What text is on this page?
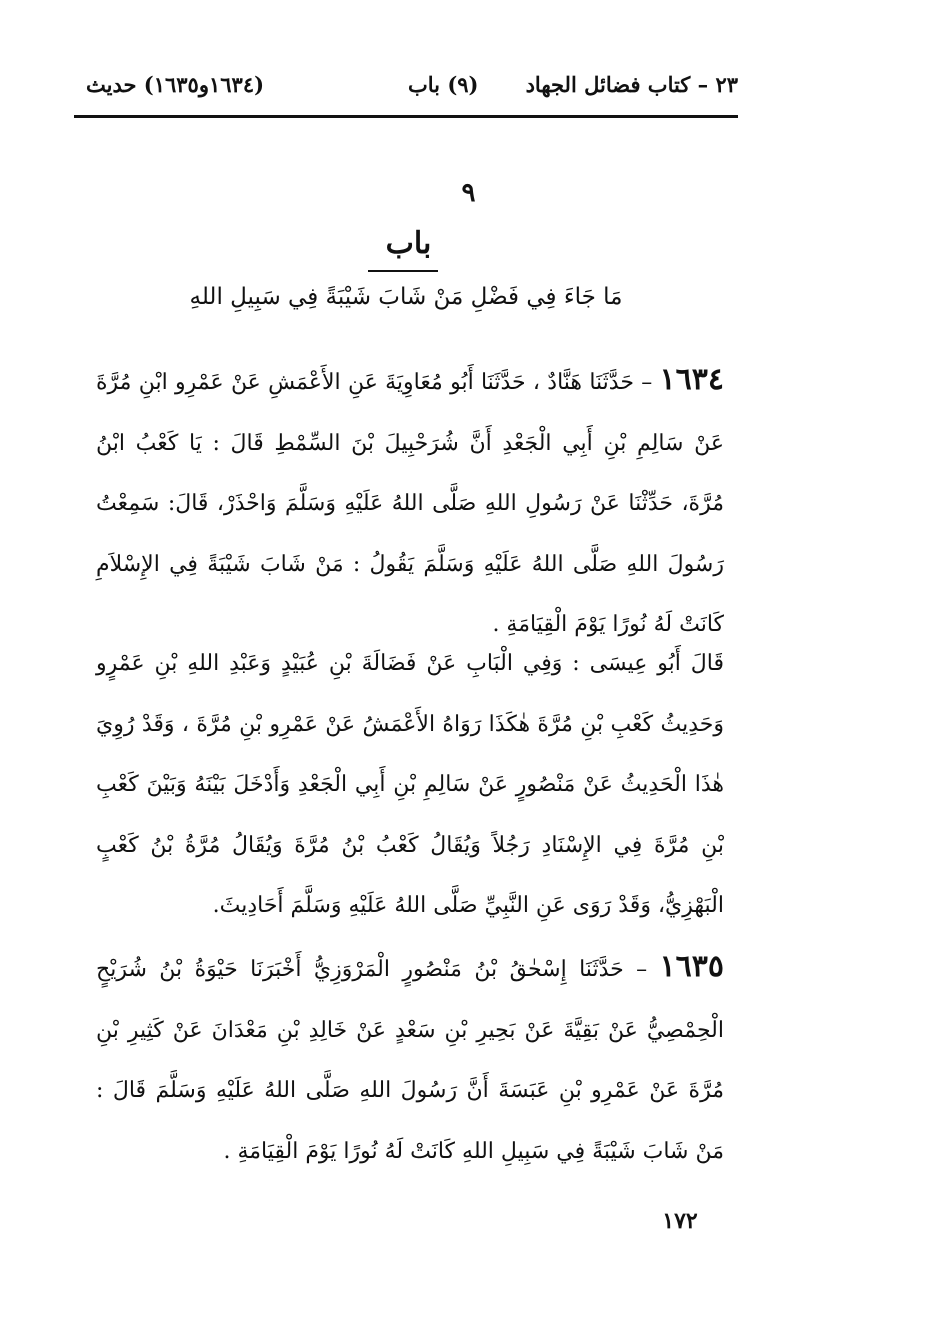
٢٣ – كتاب فضائل الجهاد
(٩) باب
(١٦٣٤و١٦٣٥) حديث
٩
باب
مَا جَاءَ فِي فَضْلِ مَنْ شَابَ شَيْبَةً فِي سَبِيلِ اللهِ
١٦٣٤ – حَدَّثَنَا هَنَّادٌ ، حَدَّثَنَا أَبُو مُعَاوِيَةَ عَنِ الأَعْمَشِ عَنْ عَمْرِو ابْنِ مُرَّةَ عَنْ سَالِمِ بْنِ أَبِي الْجَعْدِ أَنَّ شُرَحْبِيلَ بْنَ السِّمْطِ قَالَ : يَا كَعْبُ ابْنُ مُرَّةَ، حَدِّثْنَا عَنْ رَسُولِ اللهِ صَلَّى اللهُ عَلَيْهِ وَسَلَّمَ وَاحْذَرْ، قَالَ: سَمِعْتُ رَسُولَ اللهِ صَلَّى اللهُ عَلَيْهِ وَسَلَّمَ يَقُولُ : مَنْ شَابَ شَيْبَةً فِي الإِسْلاَمِ كَانَتْ لَهُ نُورًا يَوْمَ الْقِيَامَةِ .
قَالَ أَبُو عِيسَى : وَفِي الْبَابِ عَنْ فَضَالَةَ بْنِ عُبَيْدٍ وَعَبْدِ اللهِ بْنِ عَمْرٍو وَحَدِيثُ كَعْبِ بْنِ مُرَّةَ هٰكَذَا رَوَاهُ الأَعْمَشُ عَنْ عَمْرِو بْنِ مُرَّةَ ، وَقَدْ رُوِيَ هٰذَا الْحَدِيثُ عَنْ مَنْصُورٍ عَنْ سَالِمِ بْنِ أَبِي الْجَعْدِ وَأَدْخَلَ بَيْنَهُ وَبَيْنَ كَعْبِ بْنِ مُرَّةَ فِي الإِسْنَادِ رَجُلاً وَيُقَالُ كَعْبُ بْنُ مُرَّةَ وَيُقَالُ مُرَّةُ بْنُ كَعْبٍ الْبَهْزِيُّ، وَقَدْ رَوَى عَنِ النَّبِيِّ صَلَّى اللهُ عَلَيْهِ وَسَلَّمَ أَحَادِيثَ.
١٦٣٥ – حَدَّثَنَا إِسْحٰقُ بْنُ مَنْصُورٍ الْمَرْوَزِيُّ أَخْبَرَنَا حَيْوَةُ بْنُ شُرَيْحٍ الْحِمْصِيُّ عَنْ بَقِيَّةَ عَنْ بَحِيرِ بْنِ سَعْدٍ عَنْ خَالِدِ بْنِ مَعْدَانَ عَنْ كَثِيرِ بْنِ مُرَّةَ عَنْ عَمْرِو بْنِ عَبَسَةَ أَنَّ رَسُولَ اللهِ صَلَّى اللهُ عَلَيْهِ وَسَلَّمَ قَالَ : مَنْ شَابَ شَيْبَةً فِي سَبِيلِ اللهِ كَانَتْ لَهُ نُورًا يَوْمَ الْقِيَامَةِ .
١٧٢
